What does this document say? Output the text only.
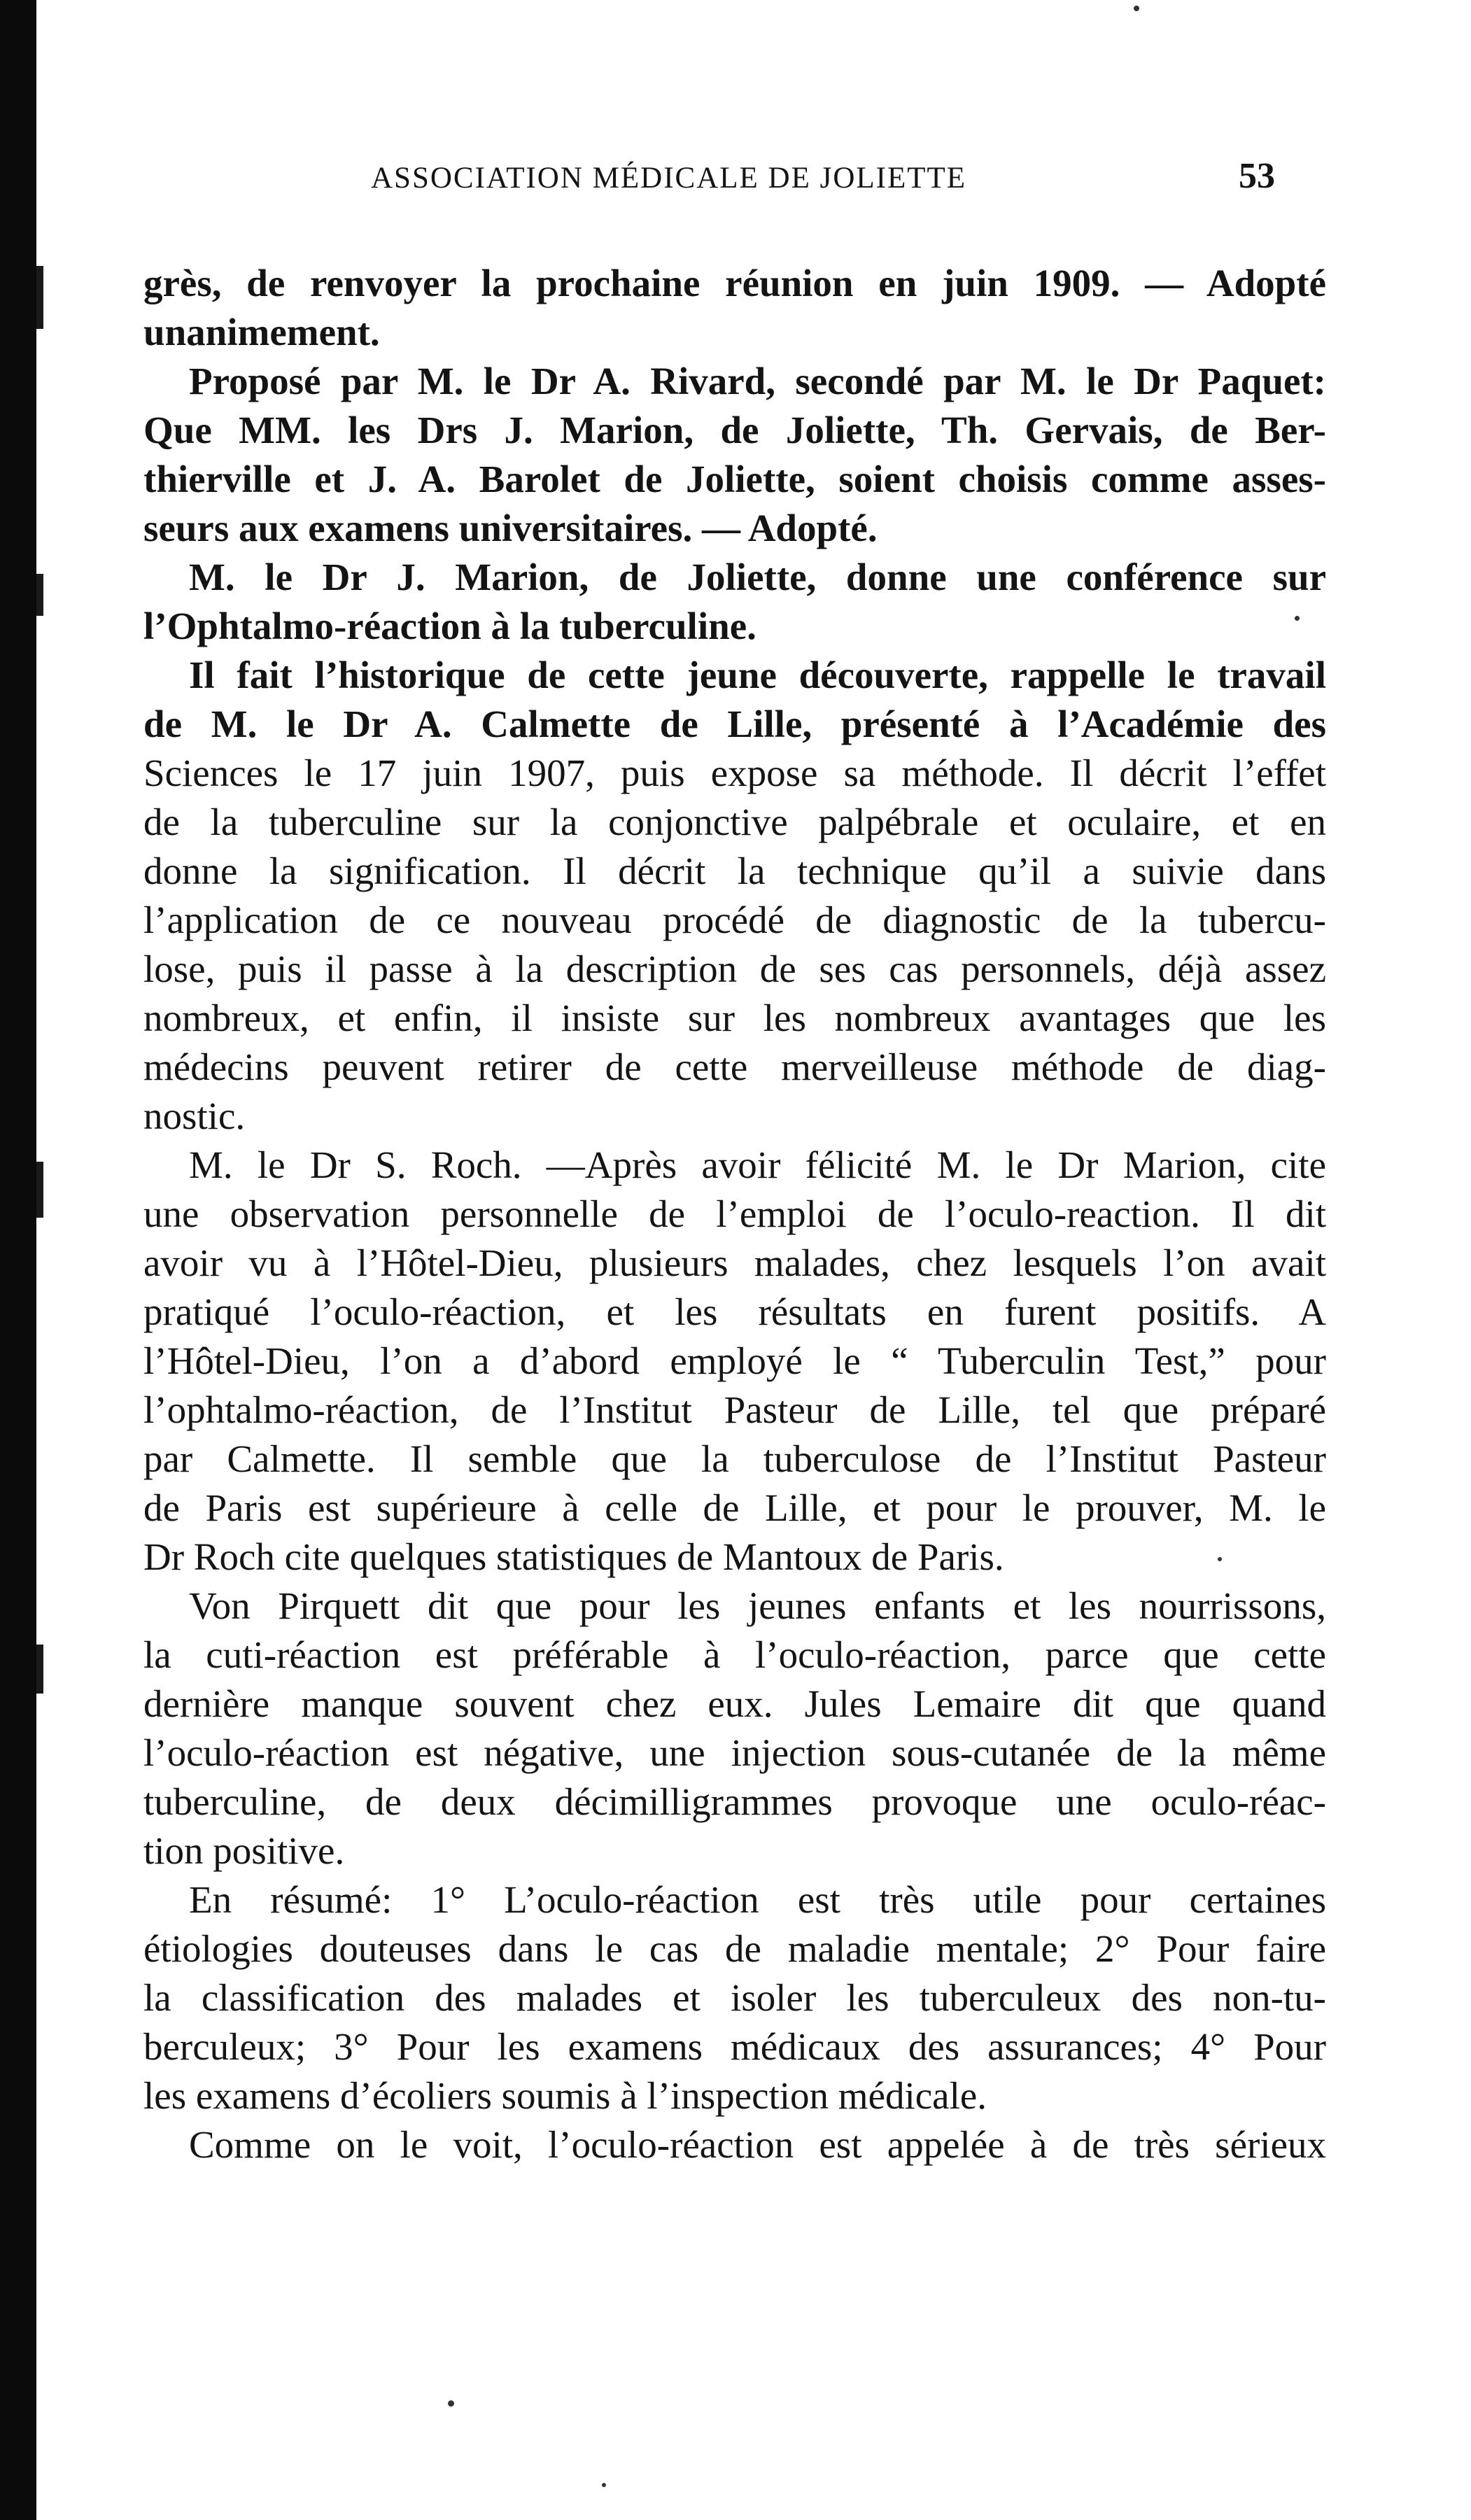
ASSOCIATION MÉDICALE DE JOLIETTE	53
grès, de renvoyer la prochaine réunion en juin 1909. — Adopté
unanimement.
Proposé par M. le Dr A. Rivard, secondé par M. le Dr Paquet:
Que MM. les Drs J. Marion, de Joliette, Th. Gervais, de Ber-
thierville et J. A. Barolet de Joliette, soient choisis comme asses-
seurs aux examens universitaires. — Adopté.
M. le Dr J. Marion, de Joliette, donne une conférence sur
l’Ophtalmo-réaction à la tuberculine.
Il fait l’historique de cette jeune découverte, rappelle le travail
de M. le Dr A. Calmette de Lille, présenté à l’Académie des
Sciences le 17 juin 1907, puis expose sa méthode. Il décrit l’effet
de la tuberculine sur la conjonctive palpébrale et oculaire, et en
donne la signification. Il décrit la technique qu’il a suivie dans
l’application de ce nouveau procédé de diagnostic de la tubercu-
lose, puis il passe à la description de ses cas personnels, déjà assez
nombreux, et enfin, il insiste sur les nombreux avantages que les
médecins peuvent retirer de cette merveilleuse méthode de diag-
nostic.
M. le Dr S. Roch. —Après avoir félicité M. le Dr Marion, cite
une observation personnelle de l’emploi de l’oculo-reaction. Il dit
avoir vu à l’Hôtel-Dieu, plusieurs malades, chez lesquels l’on avait
pratiqué l’oculo-réaction, et les résultats en furent positifs. A
l’Hôtel-Dieu, l’on a d’abord employé le “ Tuberculin Test,” pour
l’ophtalmo-réaction, de l’Institut Pasteur de Lille, tel que préparé
par Calmette. Il semble que la tuberculose de l’Institut Pasteur
de Paris est supérieure à celle de Lille, et pour le prouver, M. le
Dr Roch cite quelques statistiques de Mantoux de Paris.
Von Pirquett dit que pour les jeunes enfants et les nourrissons,
la cuti-réaction est préférable à l’oculo-réaction, parce que cette
dernière manque souvent chez eux. Jules Lemaire dit que quand
l’oculo-réaction est négative, une injection sous-cutanée de la même
tuberculine, de deux décimilligrammes provoque une oculo-réac-
tion positive.
En résumé: 1° L’oculo-réaction est très utile pour certaines
étiologies douteuses dans le cas de maladie mentale; 2° Pour faire
la classification des malades et isoler les tuberculeux des non-tu-
berculeux; 3° Pour les examens médicaux des assurances; 4° Pour
les examens d’écoliers soumis à l’inspection médicale.
Comme on le voit, l’oculo-réaction est appelée à de très sérieux
